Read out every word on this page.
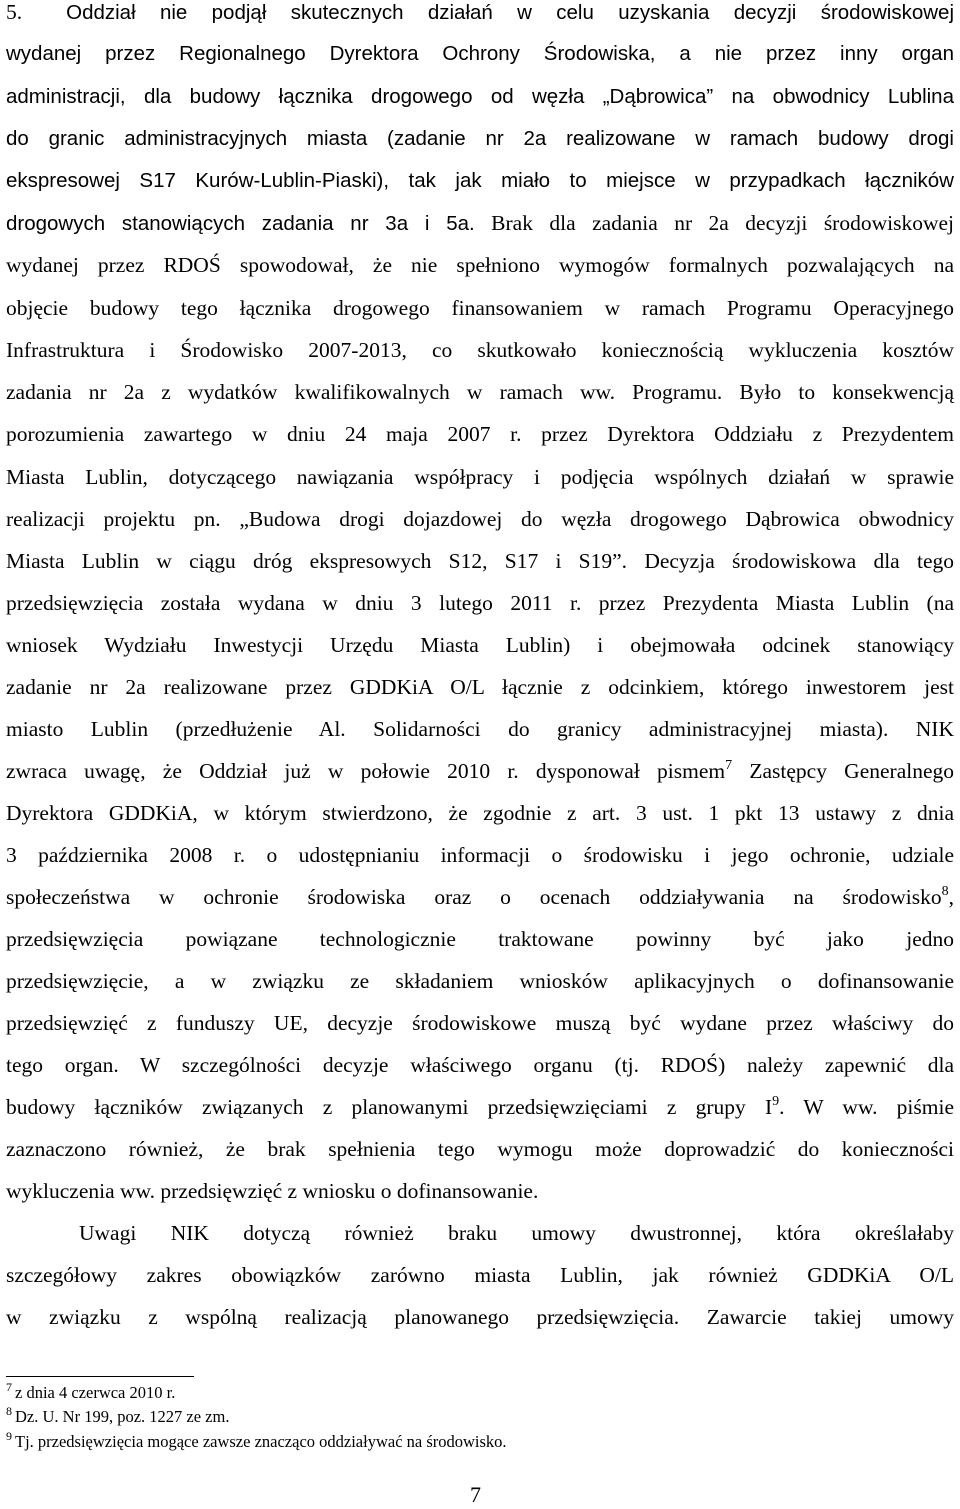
5. Oddział nie podjął skutecznych działań w celu uzyskania decyzji środowiskowej
wydanej przez Regionalnego Dyrektora Ochrony Środowiska, a nie przez inny organ
administracji, dla budowy łącznika drogowego od węzła „Dąbrowica” na obwodnicy Lublina
do granic administracyjnych miasta (zadanie nr 2a realizowane w ramach budowy drogi
ekspresowej S17 Kurów-Lublin-Piaski), tak jak miało to miejsce w przypadkach łączników
drogowych stanowiących zadania nr 3a i 5a. Brak dla zadania nr 2a decyzji środowiskowej
wydanej przez RDOŚ spowodował, że nie spełniono wymogów formalnych pozwalających na
objęcie budowy tego łącznika drogowego finansowaniem w ramach Programu Operacyjnego
Infrastruktura i Środowisko 2007-2013, co skutkowało koniecznością wykluczenia kosztów
zadania nr 2a z wydatków kwalifikowalnych w ramach ww. Programu. Było to konsekwencją
porozumienia zawartego w dniu 24 maja 2007 r. przez Dyrektora Oddziału z Prezydentem
Miasta Lublin, dotyczącego nawiązania współpracy i podjęcia wspólnych działań w sprawie
realizacji projektu pn. „Budowa drogi dojazdowej do węzła drogowego Dąbrowica obwodnicy
Miasta Lublin w ciągu dróg ekspresowych S12, S17 i S19”. Decyzja środowiskowa dla tego
przedsięwzięcia została wydana w dniu 3 lutego 2011 r. przez Prezydenta Miasta Lublin (na
wniosek Wydziału Inwestycji Urzędu Miasta Lublin) i obejmowała odcinek stanowiący
zadanie nr 2a realizowane przez GDDKiA O/L łącznie z odcinkiem, którego inwestorem jest
miasto Lublin (przedłużenie Al. Solidarności do granicy administracyjnej miasta). NIK
zwraca uwagę, że Oddział już w połowie 2010 r. dysponował pismem$^7$ Zastępcy Generalnego
Dyrektora GDDKiA, w którym stwierdzono, że zgodnie z art. 3 ust. 1 pkt 13 ustawy z dnia
3 października 2008 r. o udostępnianiu informacji o środowisku i jego ochronie, udziale
społeczeństwa w ochronie środowiska oraz o ocenach oddziaływania na środowisko$^8$,
przedsięwzięcia powiązane technologicznie traktowane powinny być jako jedno
przedsięwzięcie, a w związku ze składaniem wniosków aplikacyjnych o dofinansowanie
przedsięwzięć z funduszy UE, decyzje środowiskowe muszą być wydane przez właściwy do
tego organ. W szczególności decyzje właściwego organu (tj. RDOŚ) należy zapewnić dla
budowy łączników związanych z planowanymi przedsięwzięciami z grupy $I^9$. W ww. piśmie
zaznaczono również, że brak spełnienia tego wymogu może doprowadzić do konieczności
wykluczenia ww. przedsięwzięć z wniosku o dofinansowanie.
Uwagi NIK dotyczą również braku umowy dwustronnej, która określałaby
szczegółowy zakres obowiązków zarówno miasta Lublin, jak również GDDKiA O/L
w związku z wspólną realizacją planowanego przedsięwzięcia. Zawarcie takiej umowy
$^7$ z dnia 4 czerwca 2010 r.
$^8$ Dz. U. Nr 199, poz. 1227 ze zm.
$^9$ Tj. przedsięwzięcia mogące zawsze znacząco oddziaływać na środowisko.
7
